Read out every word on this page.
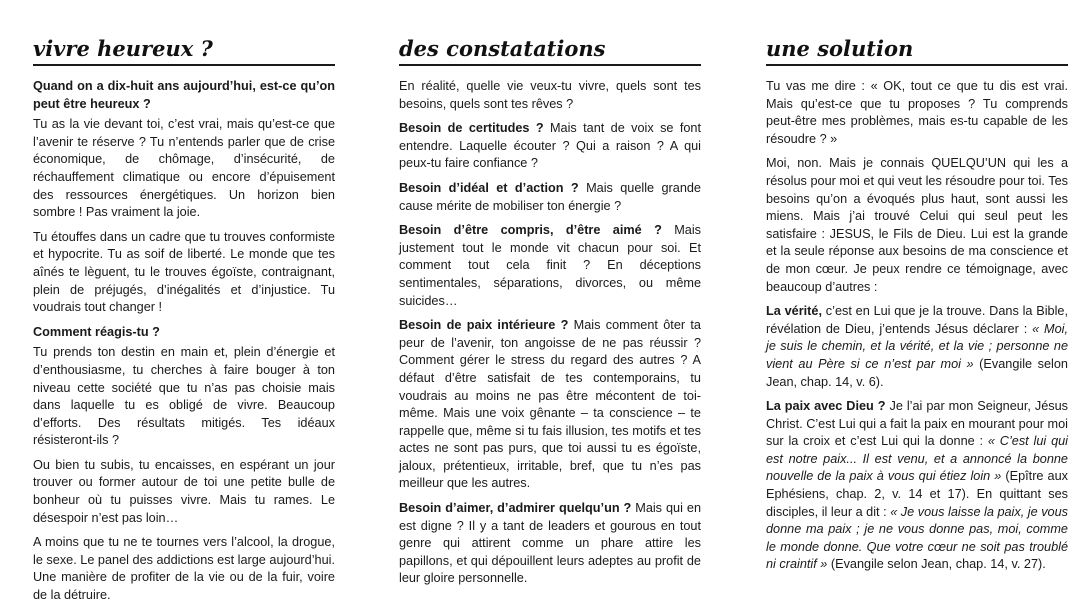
vivre heureux ?

Quand on a dix-huit ans aujourd’hui, est-ce qu’on peut être heureux ?

Tu as la vie devant toi, c’est vrai, mais qu’est-ce que l’avenir te réserve ? Tu n’entends parler que de crise économique, de chômage, d’insécurité, de réchauffement climatique ou encore d’épuisement des ressources énergétiques. Un horizon bien sombre ! Pas vraiment la joie.

Tu étouffes dans un cadre que tu trouves conformiste et hypocrite. Tu as soif de liberté. Le monde que tes aînés te lèguent, tu le trouves égoïste, contraignant, plein de préjugés, d’inégalités et d’injustice. Tu voudrais tout changer !

Comment réagis-tu ?

Tu prends ton destin en main et, plein d’énergie et d’enthousiasme, tu cherches à faire bouger à ton niveau cette société que tu n’as pas choisie mais dans laquelle tu es obligé de vivre. Beaucoup d’efforts. Des résultats mitigés. Tes idéaux résisteront-ils ?

Ou bien tu subis, tu encaisses, en espérant un jour trouver ou former autour de toi une petite bulle de bonheur où tu puisses vivre. Mais tu rames. Le désespoir n’est pas loin…

A moins que tu ne te tournes vers l’alcool, la drogue, le sexe. Le panel des addictions est large aujourd’hui. Une manière de profiter de la vie ou de la fuir, voire de la détruire.

des constatations

En réalité, quelle vie veux-tu vivre, quels sont tes besoins, quels sont tes rêves ?

Besoin de certitudes ? Mais tant de voix se font entendre. Laquelle écouter ? Qui a raison ? A qui peux-tu faire confiance ?

Besoin d’idéal et d’action ? Mais quelle grande cause mérite de mobiliser ton énergie ?

Besoin d’être compris, d’être aimé ? Mais justement tout le monde vit chacun pour soi. Et comment tout cela finit ? En déceptions sentimentales, séparations, divorces, ou même suicides…

Besoin de paix intérieure ? Mais comment ôter ta peur de l’avenir, ton angoisse de ne pas réussir ? Comment gérer le stress du regard des autres ? A défaut d’être satisfait de tes contemporains, tu voudrais au moins ne pas être mécontent de toi-même. Mais une voix gênante – ta conscience – te rappelle que, même si tu fais illusion, tes motifs et tes actes ne sont pas purs, que toi aussi tu es égoïste, jaloux, prétentieux, irritable, bref, que tu n’es pas meilleur que les autres.

Besoin d’aimer, d’admirer quelqu’un ? Mais qui en est digne ? Il y a tant de leaders et gourous en tout genre qui attirent comme un phare attire les papillons, et qui dépouillent leurs adeptes au profit de leur gloire personnelle.

une solution

Tu vas me dire : « OK, tout ce que tu dis est vrai. Mais qu’est-ce que tu proposes ? Tu comprends peut-être mes problèmes, mais es-tu capable de les résoudre ? »

Moi, non. Mais je connais QUELQU’UN qui les a résolus pour moi et qui veut les résoudre pour toi. Tes besoins qu’on a évoqués plus haut, sont aussi les miens. Mais j’ai trouvé Celui qui seul peut les satisfaire : JESUS, le Fils de Dieu. Lui est la grande et la seule réponse aux besoins de ma conscience et de mon cœur. Je peux rendre ce témoignage, avec beaucoup d’autres :

La vérité, c’est en Lui que je la trouve. Dans la Bible, révélation de Dieu, j’entends Jésus déclarer : « Moi, je suis le chemin, et la vérité, et la vie ; personne ne vient au Père si ce n’est par moi » (Evangile selon Jean, chap. 14, v. 6).

La paix avec Dieu ? Je l’ai par mon Seigneur, Jésus Christ. C’est Lui qui a fait la paix en mourant pour moi sur la croix et c’est Lui qui la donne : « C’est lui qui est notre paix... Il est venu, et a annoncé la bonne nouvelle de la paix à vous qui étiez loin » (Epître aux Ephésiens, chap. 2, v. 14 et 17). En quittant ses disciples, il leur a dit : « Je vous laisse la paix, je vous donne ma paix ; je ne vous donne pas, moi, comme le monde donne. Que votre cœur ne soit pas troublé ni craintif » (Evangile selon Jean, chap. 14, v. 27).
